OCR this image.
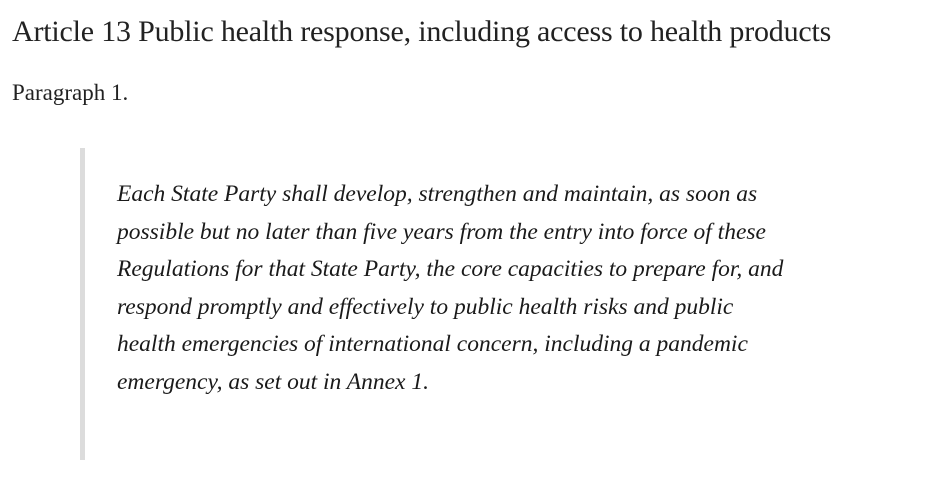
Article 13 Public health response, including access to health products

Paragraph 1.

Each State Party shall develop, strengthen and maintain, as soon as
possible but no later than five years from the entry into force of these
Regulations for that State Party, the core capacities to prepare for, and
respond promptly and effectively to public health risks and public
health emergencies of international concern, including a pandemic
emergency, as set out in Annex 1.
